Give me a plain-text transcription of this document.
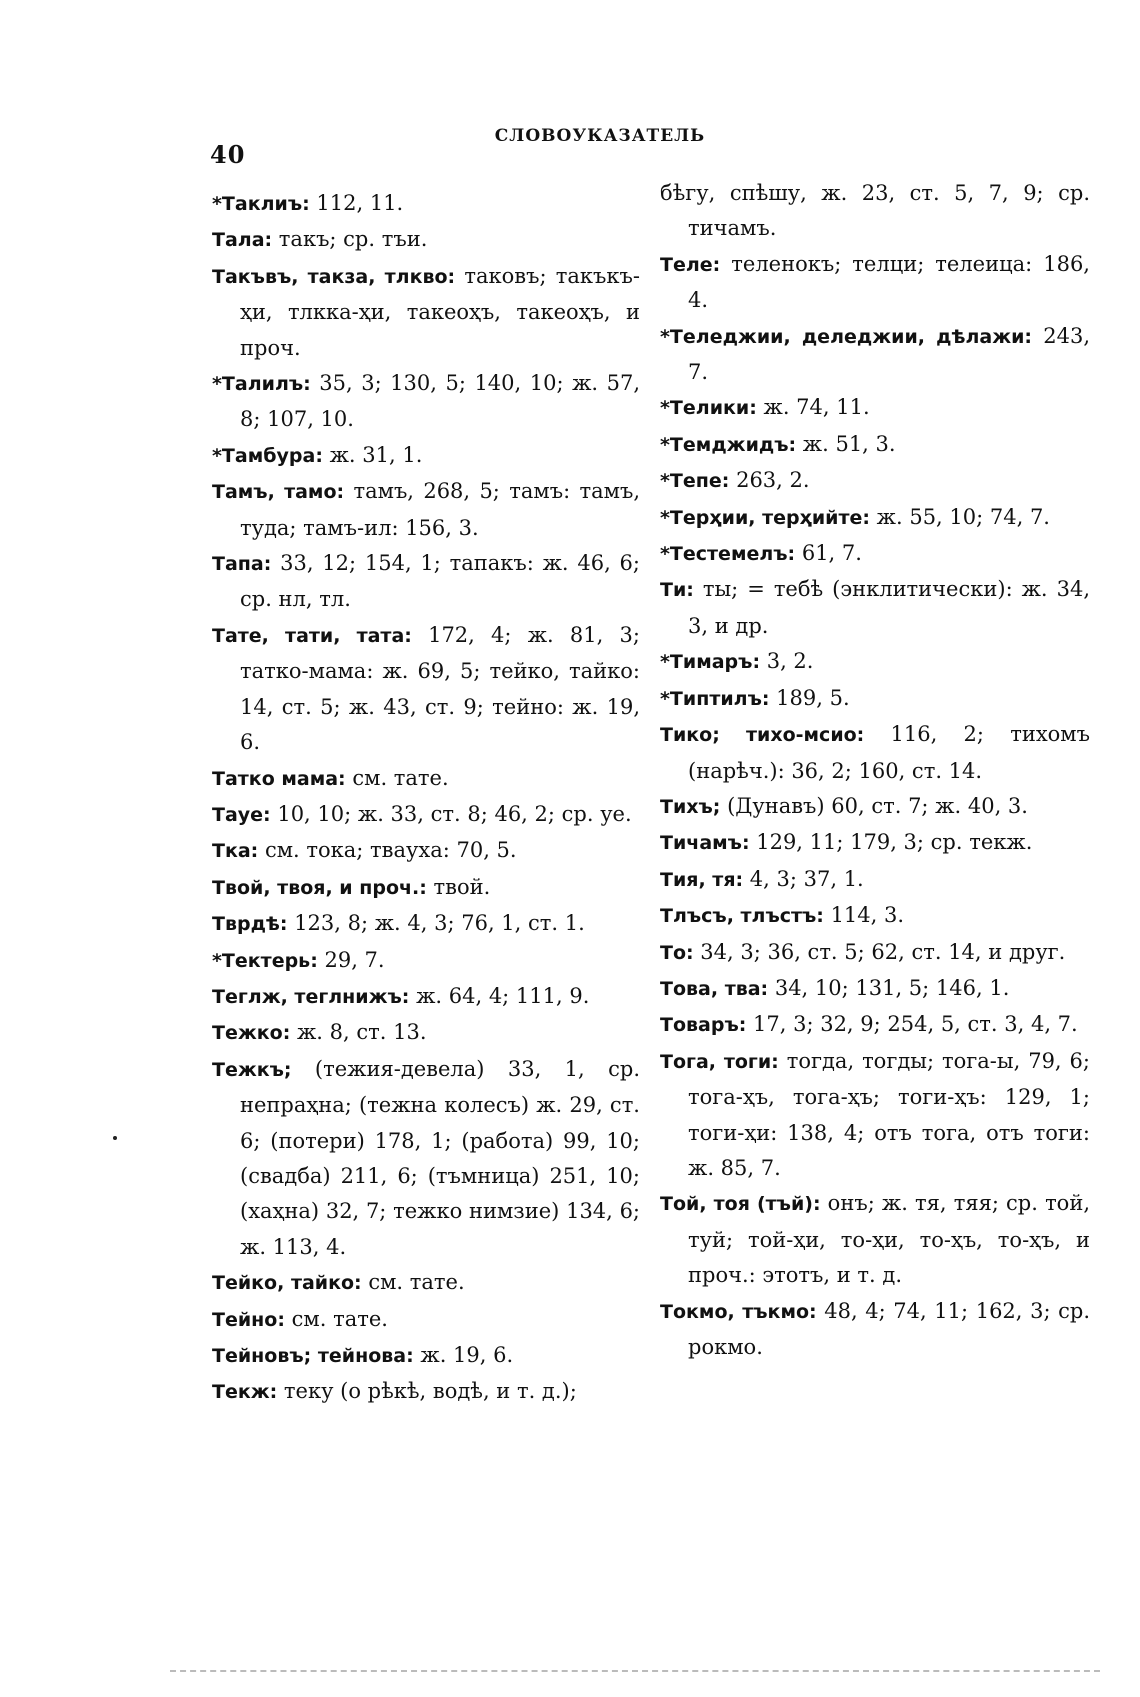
40
СЛОВОУКАЗАТЕЛЬ

*Таклиъ: 112, 11.

Тала: такъ; ср. тъи.

Такъвъ, такза, тлкво: таковъ; такъкъ-ҳи, тлкка-ҳи, такеоҳъ, такеоҳъ, и проч.

*Талилъ: 35, 3; 130, 5; 140, 10; ж. 57, 8; 107, 10.

*Тамбура: ж. 31, 1.

Тамъ, тамо: тамъ, 268, 5; тамъ: тамъ, туда; тамъ-ил: 156, 3.

Тапа: 33, 12; 154, 1; тапакъ: ж. 46, 6; ср. нл, тл.

Тате, тати, тата: 172, 4; ж. 81, 3; татко-мама: ж. 69, 5; тейко, тайко: 14, ст. 5; ж. 43, ст. 9; тейно: ж. 19, 6.

Татко мама: см. тате.

Тауе: 10, 10; ж. 33, ст. 8; 46, 2; ср. уе.

Тка: см. тока; твауха: 70, 5.

Твой, твоя, и проч.: твой.

Тврдѣ: 123, 8; ж. 4, 3; 76, 1, ст. 1.

*Тектерь: 29, 7.

Теглж, теглнижъ: ж. 64, 4; 111, 9.

Тежко: ж. 8, ст. 13.

Тежкъ; (тежия-девела) 33, 1, ср. непраҳна; (тежна колесъ) ж. 29, ст. 6; (потери) 178, 1; (работа) 99, 10; (свадба) 211, 6; (тъмница) 251, 10; (хаҳна) 32, 7; тежко нимзие) 134, 6; ж. 113, 4.

Тейко, тайко: см. тате.

Тейно: см. тате.

Тейновъ; тейнова: ж. 19, 6.

Текж: теку (о рѣкѣ, водѣ, и т. д.);

бѣгу, спѣшу, ж. 23, ст. 5, 7, 9; ср. тичамъ.

Теле: теленокъ; телци; телеица: 186, 4.

*Теледжии, деледжии, дѣлажи: 243, 7.

*Телики: ж. 74, 11.

*Темджидъ: ж. 51, 3.

*Тепе: 263, 2.

*Терҳии, терҳийте: ж. 55, 10; 74, 7.

*Тестемелъ: 61, 7.

Ти: ты; = тебѣ (энклитически): ж. 34, 3, и др.

*Тимаръ: 3, 2.

*Типтилъ: 189, 5.

Тико; тихо-мсио: 116, 2; тихомъ (нарѣч.): 36, 2; 160, ст. 14.

Тихъ; (Дунавъ) 60, ст. 7; ж. 40, 3.

Тичамъ: 129, 11; 179, 3; ср. текж.

Тия, тя: 4, 3; 37, 1.

Тлъсъ, тлъстъ: 114, 3.

То: 34, 3; 36, ст. 5; 62, ст. 14, и друг.

Това, тва: 34, 10; 131, 5; 146, 1.

Товаръ: 17, 3; 32, 9; 254, 5, ст. 3, 4, 7.

Тога, тоги: тогда, тогды; тога-ы, 79, 6; тога-ҳъ, тога-ҳъ; тоги-ҳъ: 129, 1; тоги-ҳи: 138, 4; отъ тога, отъ тоги: ж. 85, 7.

Той, тоя (тъй): онъ; ж. тя, тяя; ср. той, туй; той-ҳи, то-ҳи, то-ҳъ, то-ҳъ, и проч.: этотъ, и т. д.

Токмо, тъкмо: 48, 4; 74, 11; 162, 3; ср. рокмо.
